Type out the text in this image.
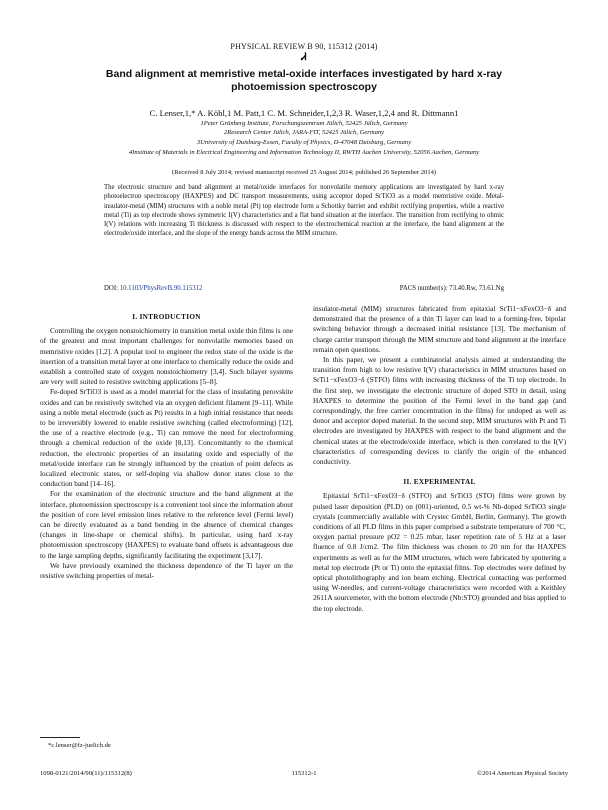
PHYSICAL REVIEW B 90, 115312 (2014)
Ꮧ
Band alignment at memristive metal-oxide interfaces investigated by hard x-ray photoemission spectroscopy
C. Lenser,1,* A. Köhl,1 M. Patt,1 C. M. Schneider,1,2,3 R. Waser,1,2,4 and R. Dittmann1
1Peter Grünberg Institute, Forschungszentrum Jülich, 52425 Jülich, Germany
2Research Center Jülich, JARA-FIT, 52425 Jülich, Germany
3University of Duisburg-Essen, Faculty of Physics, D-47048 Duisburg, Germany
4Institute of Materials in Electrical Engineering and Information Technology II, RWTH Aachen University, 52056 Aachen, Germany
(Received 8 July 2014; revised manuscript received 25 August 2014; published 26 September 2014)
The electronic structure and band alignment at metal/oxide interfaces for nonvolatile memory applications are investigated by hard x-ray photoelectron spectroscopy (HAXPES) and DC transport measurements, using acceptor doped SrTiO3 as a model memristive oxide. Metal-insulator-metal (MIM) structures with a noble metal (Pt) top electrode form a Schottky barrier and exhibit rectifying properties, while a reactive metal (Ti) as top electrode shows symmetric I(V) characteristics and a flat band situation at the interface. The transition from rectifying to ohmic I(V) relations with increasing Ti thickness is discussed with respect to the electrochemical reaction at the interface, the band alignment at the electrode/oxide interface, and the slope of the energy bands across the MIM structure.
DOI: 10.1103/PhysRevB.90.115312	PACS number(s): 73.40.Rw, 73.61.Ng
I. INTRODUCTION

Controlling the oxygen nonstoichiometry in transition metal oxide thin films is one of the greatest and most important challenges for nonvolatile memories based on memristive oxides [1,2]. A popular tool to engineer the redox state of the oxide is the insertion of a transition metal layer at one interface to chemically reduce the oxide and establish a controlled state of oxygen nonstoichiometry [3,4]. Such bilayer systems are very well suited to resistive switching applications [5–8].

Fe-doped SrTiO3 is used as a model material for the class of insulating perovskite oxides and can be resistively switched via an oxygen deficient filament [9–11]. While using a noble metal electrode (such as Pt) results in a high initial resistance that needs to be irreversibly lowered to enable resistive switching (called electroforming) [12], the use of a reactive electrode (e.g., Ti) can remove the need for electroforming through a chemical reduction of the oxide [8,13]. Concomitantly to the chemical reduction, the electronic properties of an insulating oxide and especially of the metal/oxide interface can be strongly influenced by the creation of point defects as localized electronic states, or self-doping via shallow donor states close to the conduction band [14–16].

For the examination of the electronic structure and the band alignment at the interface, photoemission spectroscopy is a convenient tool since the information about the position of core level emission lines relative to the reference level (Fermi level) can be directly evaluated as a band bending in the absence of chemical changes (changes in line-shape or chemical shifts). In particular, using hard x-ray photoemission spectroscopy (HAXPES) to evaluate band offsets is advantageous due to the large sampling depths, significantly facilitating the experiment [3,17].

We have previously examined the thickness dependence of the Ti layer on the resistive switching properties of metal-

insulator-metal (MIM) structures fabricated from epitaxial SrTi1−xFexO3−δ and demonstrated that the presence of a thin Ti layer can lead to a forming-free, bipolar switching behavior through a decreased initial resistance [13]. The mechanism of charge carrier transport through the MIM structure and band alignment at the interface remain open questions.

In this paper, we present a combinatorial analysis aimed at understanding the transition from high to low resistive I(V) characteristics in MIM structures based on SrTi1−xFexO3−δ (STFO) films with increasing thickness of the Ti top electrode. In the first step, we investigate the electronic structure of doped STO in detail, using HAXPES to determine the position of the Fermi level in the band gap (and correspondingly, the free carrier concentration in the films) for undoped as well as donor and acceptor doped material. In the second step, MIM structures with Pt and Ti electrodes are investigated by HAXPES with respect to the band alignment and the chemical states at the electrode/oxide interface, which is then correlated to the I(V) characteristics of corresponding devices to clarify the origin of the enhanced conductivity.

II. EXPERIMENTAL

Epitaxial SrTi1−xFexO3−δ (STFO) and SrTiO3 (STO) films were grown by pulsed laser deposition (PLD) on (001)-oriented, 0.5 wt-% Nb-doped SrTiO3 single crystals (commercially available with Crystec GmbH, Berlin, Germany). The growth conditions of all PLD films in this paper comprised a substrate temperature of 700 °C, oxygen partial pressure pO2 = 0.25 mbar, laser repetition rate of 5 Hz at a laser fluence of 0.8 J/cm2. The film thickness was chosen to 20 nm for the HAXPES experiments as well as for the MIM structures, which were fabricated by sputtering a metal top electrode (Pt or Ti) onto the epitaxial films. Top electrodes were defined by optical photolithography and ion beam etching. Electrical contacting was performed using W-needles, and current-voltage characteristics were recorded with a Keithley 2611A sourcemeter, with the bottom electrode (Nb:STO) grounded and bias applied to the top electrode.

*c.lenser@fz-juelich.de
1098-0121/2014/90(11)/115312(8)	115312-1	©2014 American Physical Society
